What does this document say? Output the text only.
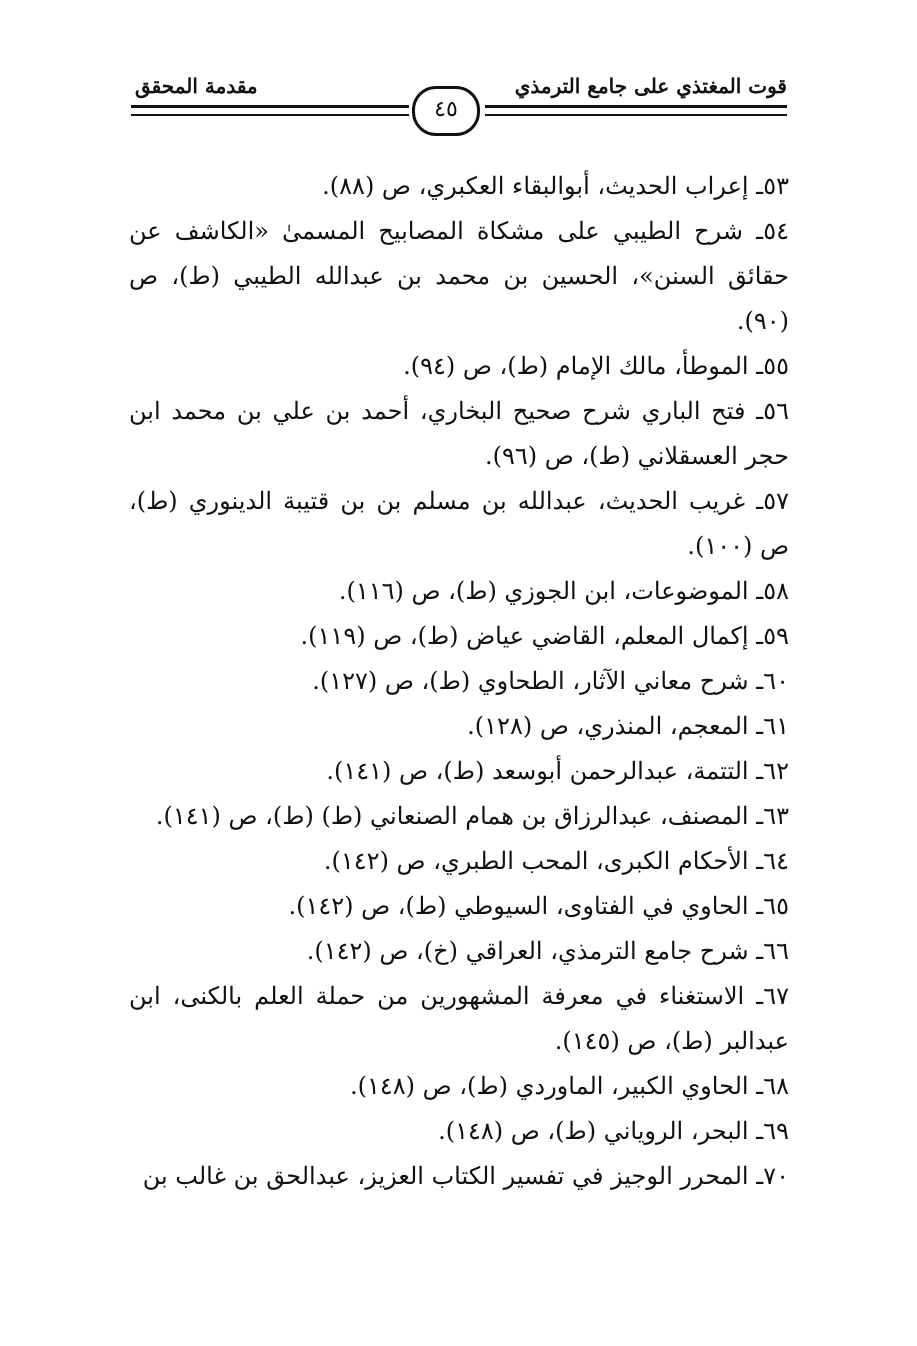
مقدمة المحقق	قوت المغتذي على جامع الترمذي
٤٥

٥٣ـ إعراب الحديث، أبوالبقاء العكبري، ص (٨٨).

٥٤ـ شرح الطيبي على مشكاة المصابيح المسمىٰ «الكاشف عن حقائق السنن»، الحسين بن محمد بن عبدالله الطيبي (ط)، ص (٩٠).

٥٥ـ الموطأ، مالك الإمام (ط)، ص (٩٤).

٥٦ـ فتح الباري شرح صحيح البخاري، أحمد بن علي بن محمد ابن حجر العسقلاني (ط)، ص (٩٦).

٥٧ـ غريب الحديث، عبدالله بن مسلم بن بن قتيبة الدينوري (ط)، ص (١٠٠).

٥٨ـ الموضوعات، ابن الجوزي (ط)، ص (١١٦).

٥٩ـ إكمال المعلم، القاضي عياض (ط)، ص (١١٩).

٦٠ـ شرح معاني الآثار، الطحاوي (ط)، ص (١٢٧).

٦١ـ المعجم، المنذري، ص (١٢٨).

٦٢ـ التتمة، عبدالرحمن أبوسعد (ط)، ص (١٤١).

٦٣ـ المصنف، عبدالرزاق بن همام الصنعاني (ط) (ط)، ص (١٤١).

٦٤ـ الأحكام الكبرى، المحب الطبري، ص (١٤٢).

٦٥ـ الحاوي في الفتاوى، السيوطي (ط)، ص (١٤٢).

٦٦ـ شرح جامع الترمذي، العراقي (خ)، ص (١٤٢).

٦٧ـ الاستغناء في معرفة المشهورين من حملة العلم بالكنى، ابن عبدالبر (ط)، ص (١٤٥).

٦٨ـ الحاوي الكبير، الماوردي (ط)، ص (١٤٨).

٦٩ـ البحر، الروياني (ط)، ص (١٤٨).

٧٠ـ المحرر الوجيز في تفسير الكتاب العزيز، عبدالحق بن غالب بن
